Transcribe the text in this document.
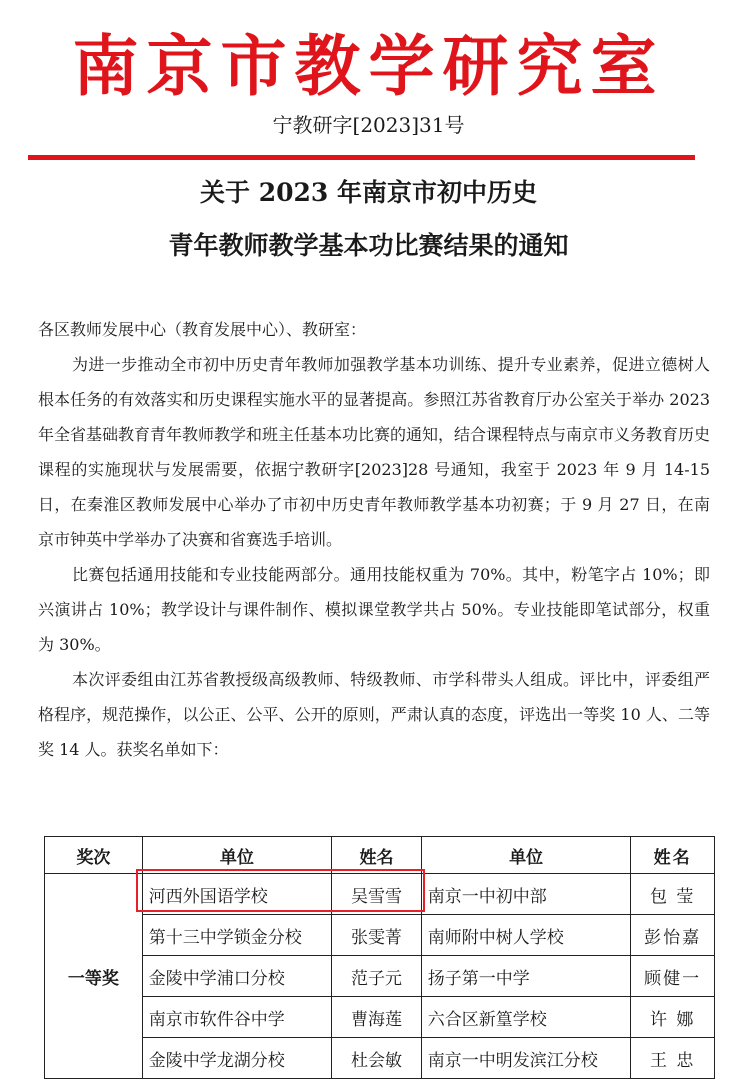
南京市教学研究室
宁教研字[2023]31号
关于 2023 年南京市初中历史
青年教师教学基本功比赛结果的通知

各区教师发展中心（教育发展中心）、教研室：

为进一步推动全市初中历史青年教师加强教学基本功训练、提升专业素养，促进立德树人根本任务的有效落实和历史课程实施水平的显著提高。参照江苏省教育厅办公室关于举办 2023 年全省基础教育青年教师教学和班主任基本功比赛的通知，结合课程特点与南京市义务教育历史课程的实施现状与发展需要，依据宁教研字[2023]28 号通知，我室于 2023 年 9 月 14-15 日，在秦淮区教师发展中心举办了市初中历史青年教师教学基本功初赛；于 9 月 27 日，在南京市钟英中学举办了决赛和省赛选手培训。

比赛包括通用技能和专业技能两部分。通用技能权重为 70%。其中，粉笔字占 10%；即兴演讲占 10%；教学设计与课件制作、模拟课堂教学共占 50%。专业技能即笔试部分，权重为 30%。

本次评委组由江苏省教授级高级教师、特级教师、市学科带头人组成。评比中，评委组严格程序，规范操作，以公正、公平、公开的原则，严肃认真的态度，评选出一等奖 10 人、二等奖 14 人。获奖名单如下：

奖次	单位	姓名	单位	姓名
一等奖	河西外国语学校	吴雪雪	南京一中初中部	包 莹
	第十三中学锁金分校	张雯菁	南师附中树人学校	彭怡嘉
	金陵中学浦口分校	范子元	扬子第一中学	顾健一
	南京市软件谷中学	曹海莲	六合区新篁学校	许 娜
	金陵中学龙湖分校	杜会敏	南京一中明发滨江分校	王 忠
